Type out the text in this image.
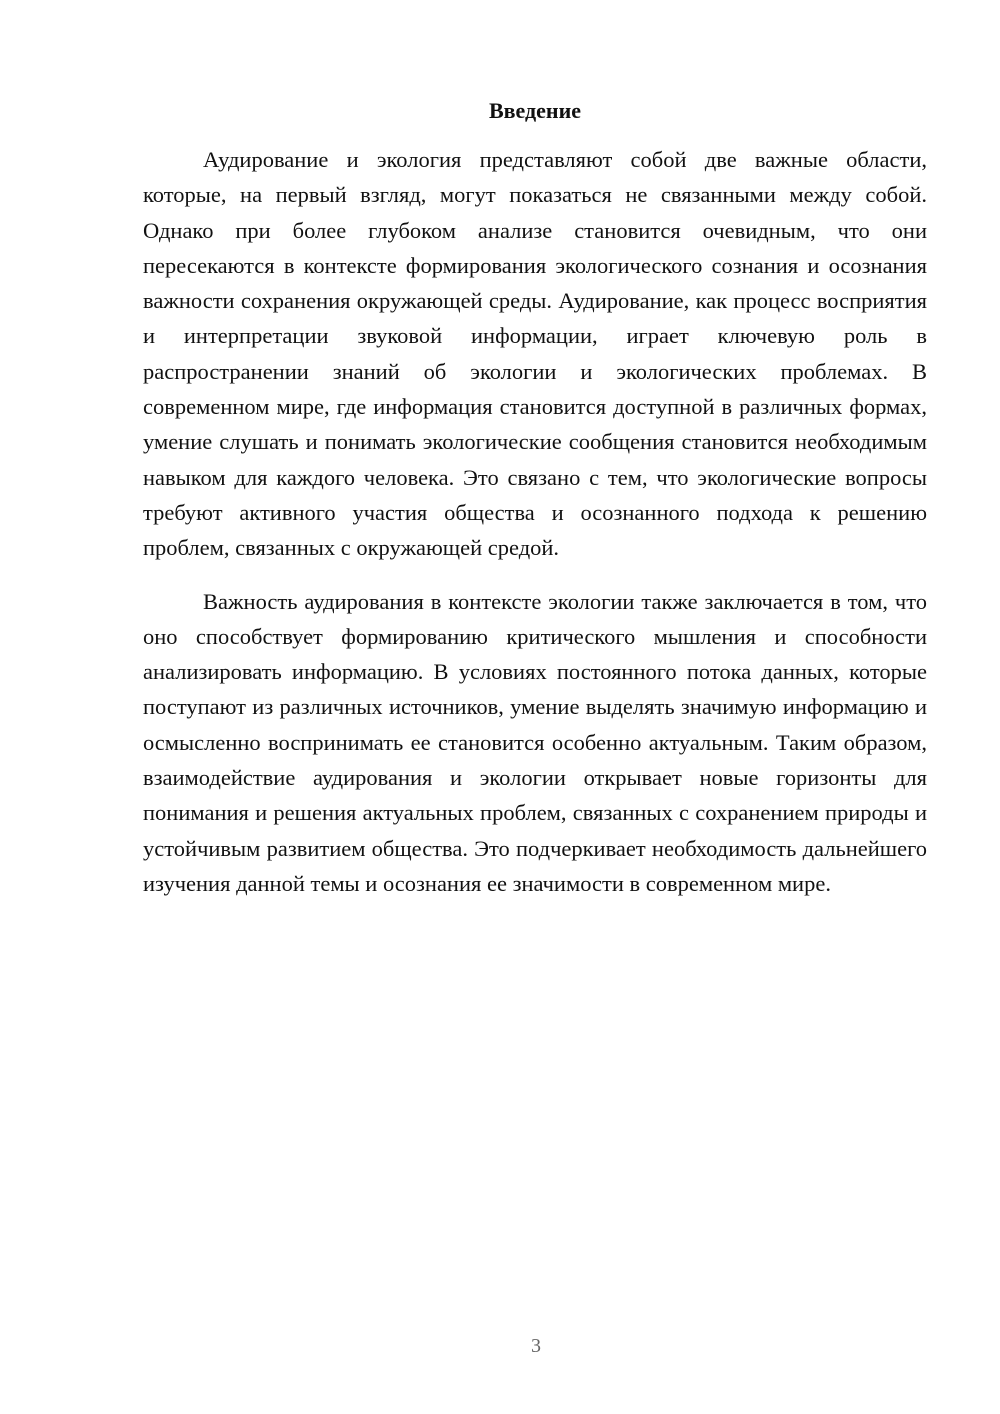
Введение

Аудирование и экология представляют собой две важные области, которые, на первый взгляд, могут показаться не связанными между собой. Однако при более глубоком анализе становится очевидным, что они пересекаются в контексте формирования экологического сознания и осознания важности сохранения окружающей среды. Аудирование, как процесс восприятия и интерпретации звуковой информации, играет ключевую роль в распространении знаний об экологии и экологических проблемах. В современном мире, где информация становится доступной в различных формах, умение слушать и понимать экологические сообщения становится необходимым навыком для каждого человека. Это связано с тем, что экологические вопросы требуют активного участия общества и осознанного подхода к решению проблем, связанных с окружающей средой.

Важность аудирования в контексте экологии также заключается в том, что оно способствует формированию критического мышления и способности анализировать информацию. В условиях постоянного потока данных, которые поступают из различных источников, умение выделять значимую информацию и осмысленно воспринимать ее становится особенно актуальным. Таким образом, взаимодействие аудирования и экологии открывает новые горизонты для понимания и решения актуальных проблем, связанных с сохранением природы и устойчивым развитием общества. Это подчеркивает необходимость дальнейшего изучения данной темы и осознания ее значимости в современном мире.

3
